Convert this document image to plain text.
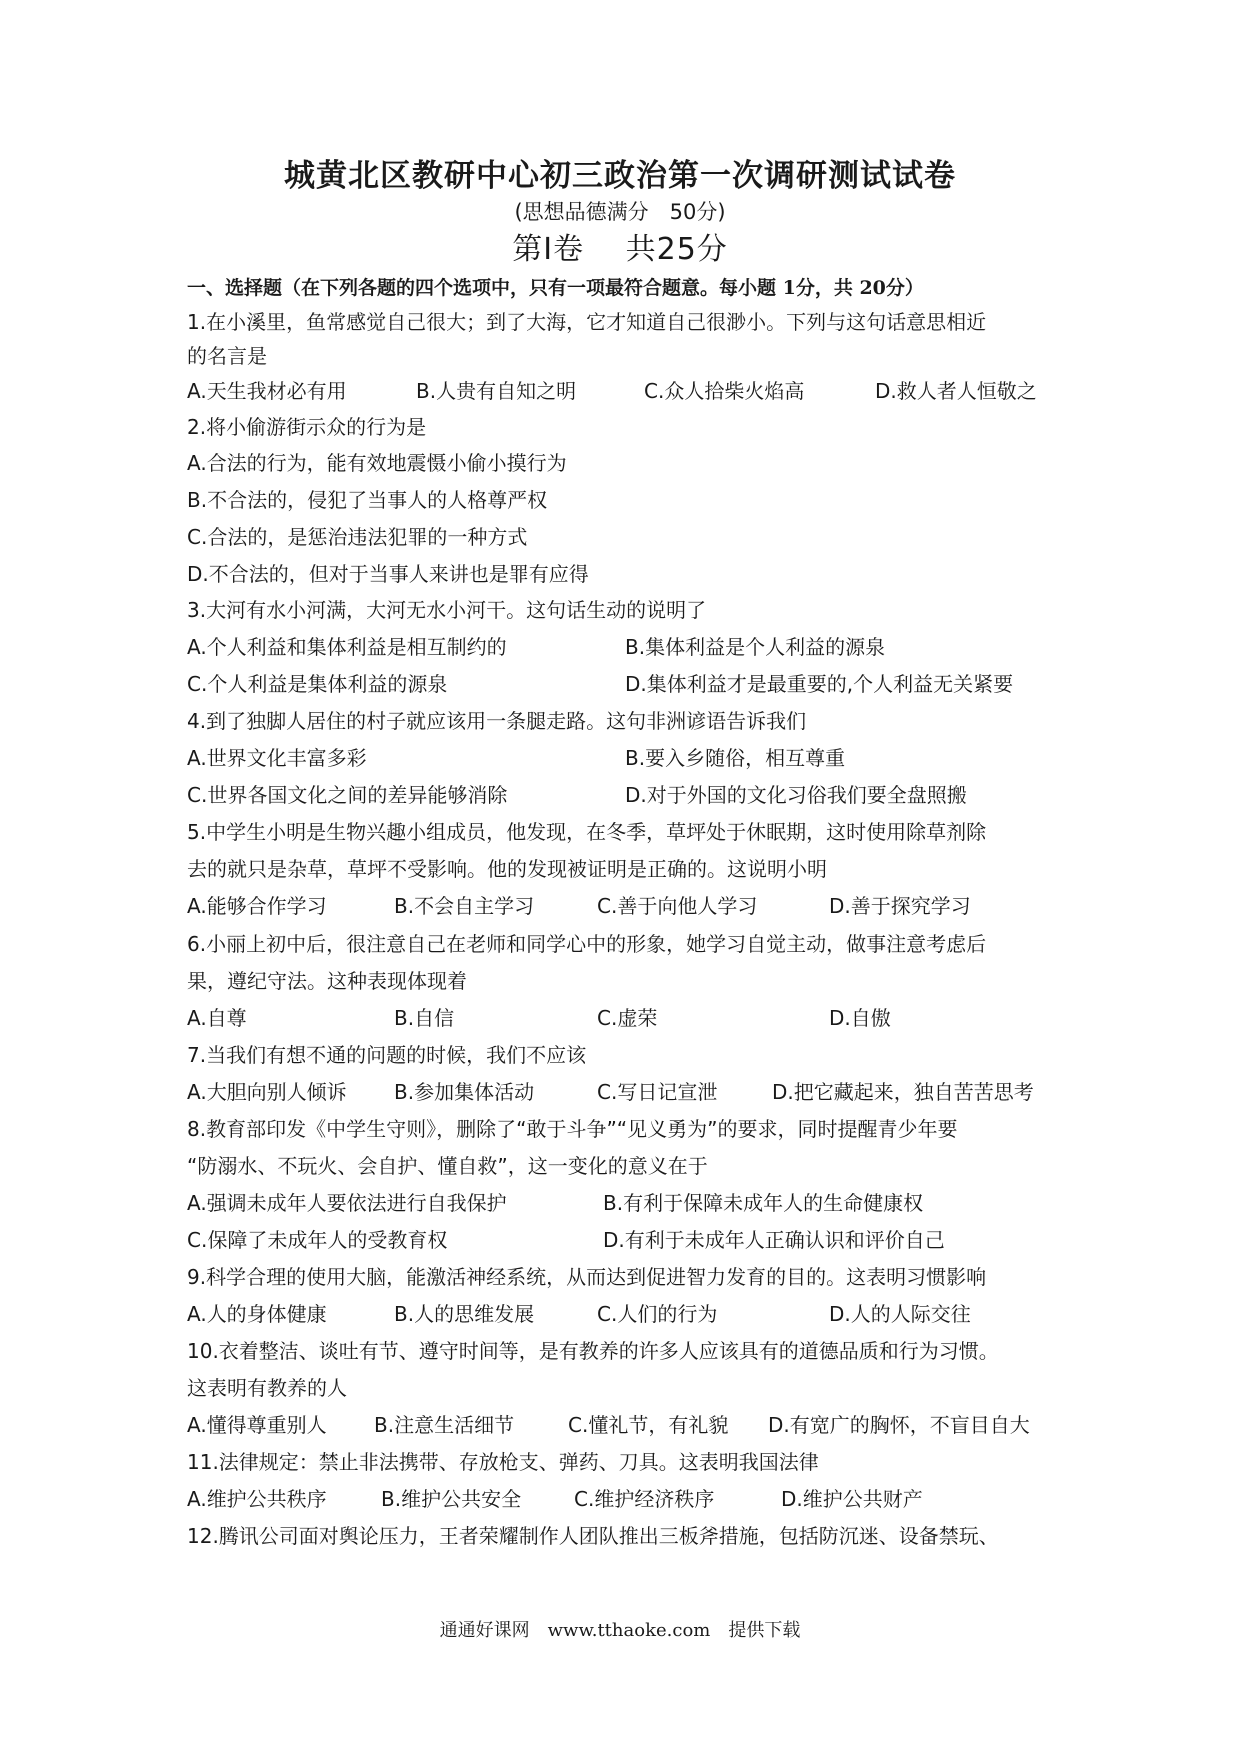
城黄北区教研中心初三政治第一次调研测试试卷
(思想品德满分　50分)
第Ⅰ卷　 共25分
一、选择题（在下列各题的四个选项中，只有一项最符合题意。每小题 1分，共 20分）
1.在小溪里，鱼常感觉自己很大；到了大海，它才知道自己很渺小。下列与这句话意思相近
的名言是
A.天生我材必有用	B.人贵有自知之明	C.众人拾柴火焰高	D.救人者人恒敬之
2.将小偷游街示众的行为是
A.合法的行为，能有效地震慑小偷小摸行为
B.不合法的，侵犯了当事人的人格尊严权
C.合法的，是惩治违法犯罪的一种方式
D.不合法的，但对于当事人来讲也是罪有应得
3.大河有水小河满，大河无水小河干。这句话生动的说明了
A.个人利益和集体利益是相互制约的	B.集体利益是个人利益的源泉
C.个人利益是集体利益的源泉	D.集体利益才是最重要的,个人利益无关紧要
4.到了独脚人居住的村子就应该用一条腿走路。这句非洲谚语告诉我们
A.世界文化丰富多彩	B.要入乡随俗，相互尊重
C.世界各国文化之间的差异能够消除	D.对于外国的文化习俗我们要全盘照搬
5.中学生小明是生物兴趣小组成员，他发现，在冬季，草坪处于休眠期，这时使用除草剂除
去的就只是杂草，草坪不受影响。他的发现被证明是正确的。这说明小明
A.能够合作学习	B.不会自主学习	C.善于向他人学习	D.善于探究学习
6.小丽上初中后，很注意自己在老师和同学心中的形象，她学习自觉主动，做事注意考虑后
果，遵纪守法。这种表现体现着
A.自尊	B.自信	C.虚荣	D.自傲
7.当我们有想不通的问题的时候，我们不应该
A.大胆向别人倾诉 B.参加集体活动	C.写日记宣泄	D.把它藏起来，独自苦苦思考
8.教育部印发《中学生守则》，删除了“敢于斗争”“见义勇为”的要求，同时提醒青少年要
“防溺水、不玩火、会自护、懂自救”，这一变化的意义在于
A.强调未成年人要依法进行自我保护	B.有利于保障未成年人的生命健康权
C.保障了未成年人的受教育权	D.有利于未成年人正确认识和评价自己
9.科学合理的使用大脑，能激活神经系统，从而达到促进智力发育的目的。这表明习惯影响
A.人的身体健康	B.人的思维发展	C.人们的行为	D.人的人际交往
10.衣着整洁、谈吐有节、遵守时间等，是有教养的许多人应该具有的道德品质和行为习惯。
这表明有教养的人
A.懂得尊重别人 B.注意生活细节	C.懂礼节，有礼貌 D.有宽广的胸怀，不盲目自大
11.法律规定：禁止非法携带、存放枪支、弹药、刀具。这表明我国法律
A.维护公共秩序	B.维护公共安全	C.维护经济秩序	D.维护公共财产
12.腾讯公司面对舆论压力，王者荣耀制作人团队推出三板斧措施，包括防沉迷、设备禁玩、
通通好课网　www.tthaoke.com　提供下载
